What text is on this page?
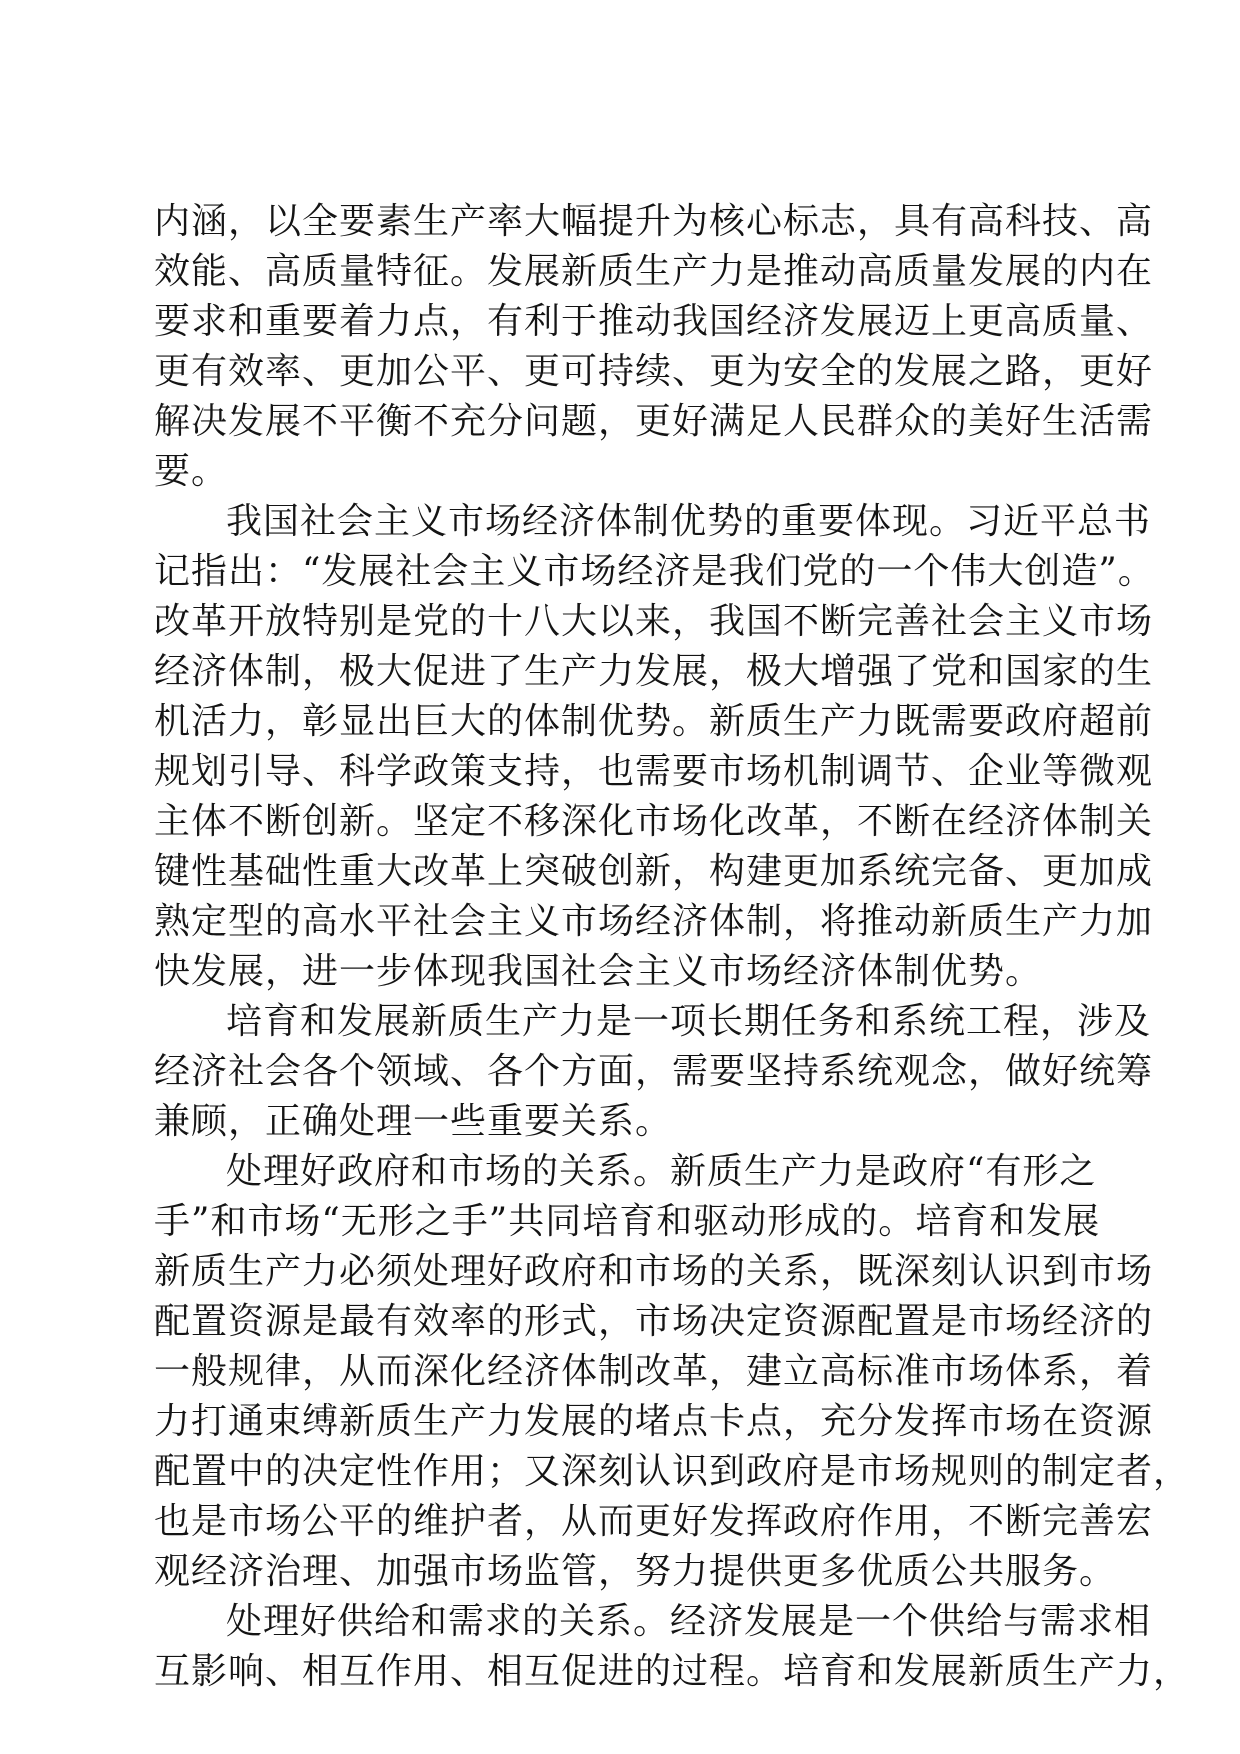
内涵，以全要素生产率大幅提升为核心标志，具有高科技、高
效能、高质量特征。发展新质生产力是推动高质量发展的内在
要求和重要着力点，有利于推动我国经济发展迈上更高质量、
更有效率、更加公平、更可持续、更为安全的发展之路，更好
解决发展不平衡不充分问题，更好满足人民群众的美好生活需
要。
我国社会主义市场经济体制优势的重要体现。习近平总书
记指出：“发展社会主义市场经济是我们党的一个伟大创造”。
改革开放特别是党的十八大以来，我国不断完善社会主义市场
经济体制，极大促进了生产力发展，极大增强了党和国家的生
机活力，彰显出巨大的体制优势。新质生产力既需要政府超前
规划引导、科学政策支持，也需要市场机制调节、企业等微观
主体不断创新。坚定不移深化市场化改革，不断在经济体制关
键性基础性重大改革上突破创新，构建更加系统完备、更加成
熟定型的高水平社会主义市场经济体制，将推动新质生产力加
快发展，进一步体现我国社会主义市场经济体制优势。
培育和发展新质生产力是一项长期任务和系统工程，涉及
经济社会各个领域、各个方面，需要坚持系统观念，做好统筹
兼顾，正确处理一些重要关系。
处理好政府和市场的关系。新质生产力是政府“有形之
手”和市场“无形之手”共同培育和驱动形成的。培育和发展
新质生产力必须处理好政府和市场的关系，既深刻认识到市场
配置资源是最有效率的形式，市场决定资源配置是市场经济的
一般规律，从而深化经济体制改革，建立高标准市场体系，着
力打通束缚新质生产力发展的堵点卡点，充分发挥市场在资源
配置中的决定性作用；又深刻认识到政府是市场规则的制定者，
也是市场公平的维护者，从而更好发挥政府作用，不断完善宏
观经济治理、加强市场监管，努力提供更多优质公共服务。
处理好供给和需求的关系。经济发展是一个供给与需求相
互影响、相互作用、相互促进的过程。培育和发展新质生产力，
